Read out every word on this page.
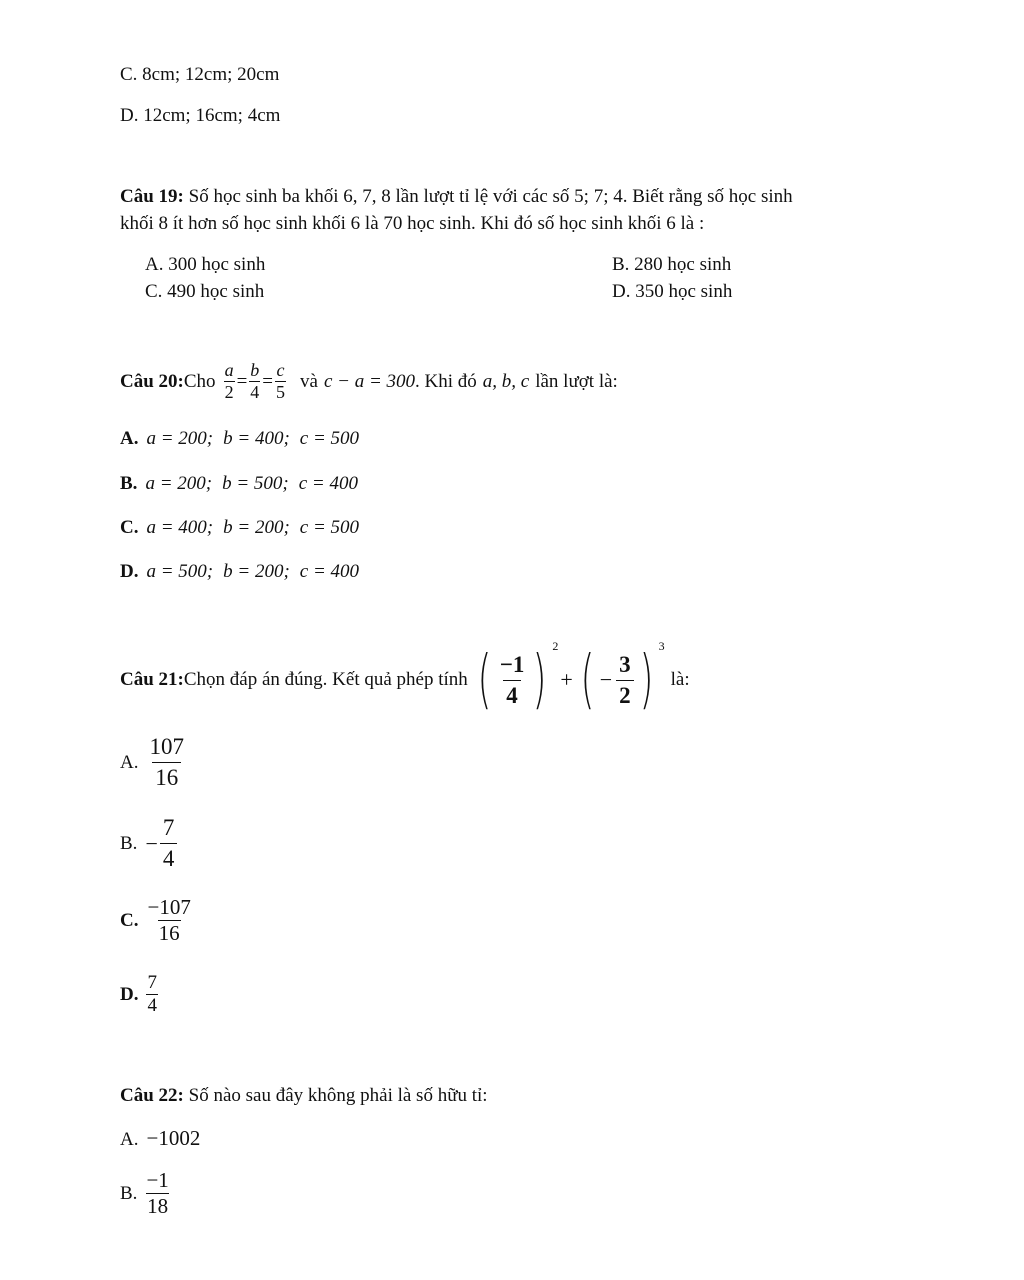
C. 8cm; 12cm; 20cm
D. 12cm; 16cm; 4cm
Câu 19: Số học sinh ba khối 6, 7, 8 lần lượt tỉ lệ với các số 5; 7; 4. Biết rằng số học sinh
khối 8 ít hơn số học sinh khối 6 là 70 học sinh. Khi đó số học sinh khối 6 là :
A. 300 học sinh	B. 280 học sinh
C. 490 học sinh	D. 350 học sinh
Câu 20: Cho $\frac{a}{2} = \frac{b}{4} = \frac{c}{5}$ và c − a = 300 . Khi đó a, b, c lần lượt là:
A. a = 200; b = 400; c = 500
B. a = 200; b = 500; c = 400
C. a = 400; b = 200; c = 500
D. a = 500; b = 200; c = 400
Câu 21: Chọn đáp án đúng. Kết quả phép tính ( $\frac{-1}{4}$ ) 2
+ ( − $\frac{3}{2}$ ) 3
là:
A. $\frac{107}{16}$
B. − $\frac{7}{4}$
C. $\frac{-107}{16}$
D. $\frac{7}{4}$
Câu 22: Số nào sau đây không phải là số hữu tỉ:
A. −1002
B. $\frac{-1}{18}$
